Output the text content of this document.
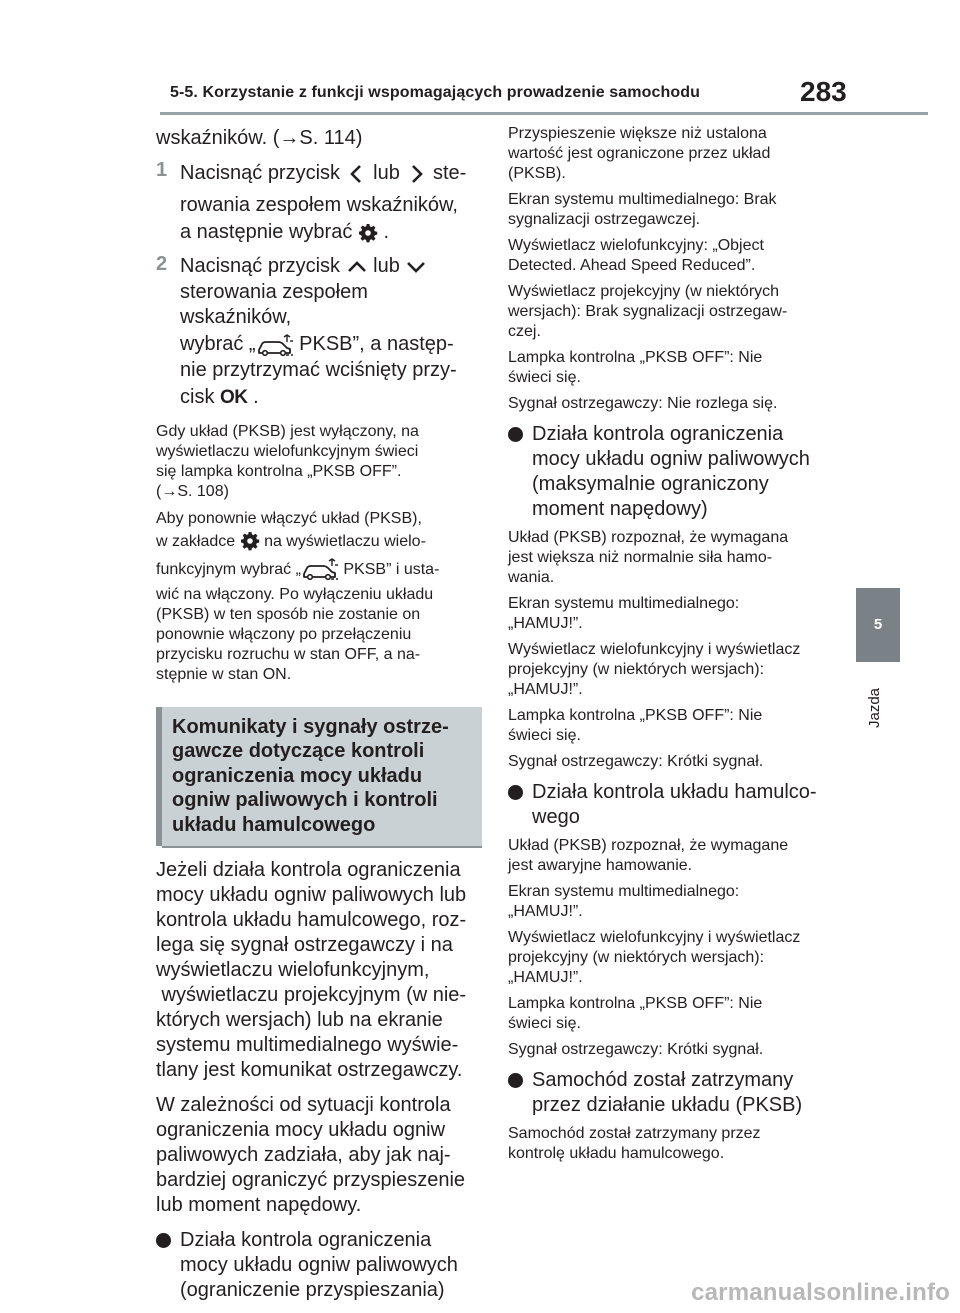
5-5. Korzystanie z funkcji wspomagających prowadzenie samochodu	283

wskaźników. (→S. 114)

1 Nacisnąć przycisk lub ste-
rowania zespołem wskaźników,
a następnie wybrać .
2 Nacisnąć przycisk lub
sterowania zespołem wskaźników,
wybrać „ PKSB”, a następ-
nie przytrzymać wciśnięty przy-
cisk OK .
Gdy układ (PKSB) jest wyłączony, na
wyświetlaczu wielofunkcyjnym świeci
się lampka kontrolna „PKSB OFF”.
(→S. 108)
Aby ponownie włączyć układ (PKSB),
w zakładce na wyświetlaczu wielo-
funkcyjnym wybrać „	PKSB” i usta-
wić na włączony. Po wyłączeniu układu
(PKSB) w ten sposób nie zostanie on
ponownie włączony po przełączeniu
przycisku rozruchu w stan OFF, a na-
stępnie w stan ON.
Komunikaty i sygnały ostrze-
gawcze dotyczące kontroli
ograniczenia mocy układu
ogniw paliwowych i kontroli
układu hamulcowego
Jeżeli działa kontrola ograniczenia
mocy układu ogniw paliwowych lub
kontrola układu hamulcowego, roz-
lega się sygnał ostrzegawczy i na
wyświetlaczu wielofunkcyjnym,
wyświetlaczu projekcyjnym (w nie-
których wersjach) lub na ekranie
systemu multimedialnego wyświe-
tlany jest komunikat ostrzegawczy.
W zależności od sytuacji kontrola
ograniczenia mocy układu ogniw
paliwowych zadziała, aby jak naj-
bardziej ograniczyć przyspieszenie
lub moment napędowy.
Działa kontrola ograniczenia
mocy układu ogniw paliwowych
(ograniczenie przyspieszania)
Przyspieszenie większe niż ustalona
wartość jest ograniczone przez układ
(PKSB).
Ekran systemu multimedialnego: Brak
sygnalizacji ostrzegawczej.
Wyświetlacz wielofunkcyjny: „Object
Detected. Ahead Speed Reduced”.
Wyświetlacz projekcyjny (w niektórych
wersjach): Brak sygnalizacji ostrzegaw-
czej.
Lampka kontrolna „PKSB OFF”: Nie
świeci się.
Sygnał ostrzegawczy: Nie rozlega się.
Działa kontrola ograniczenia
mocy układu ogniw paliwowych
(maksymalnie ograniczony
moment napędowy)
Układ (PKSB) rozpoznał, że wymagana
jest większa niż normalnie siła hamo-
wania.
Ekran systemu multimedialnego:
„HAMUJ!”.
Wyświetlacz wielofunkcyjny i wyświetlacz
projekcyjny (w niektórych wersjach):
„HAMUJ!”.
Lampka kontrolna „PKSB OFF”: Nie
świeci się.
Sygnał ostrzegawczy: Krótki sygnał.
Działa kontrola układu hamulco-
wego
Układ (PKSB) rozpoznał, że wymagane
jest awaryjne hamowanie.
Ekran systemu multimedialnego:
„HAMUJ!”.
Wyświetlacz wielofunkcyjny i wyświetlacz
projekcyjny (w niektórych wersjach):
„HAMUJ!”.
Lampka kontrolna „PKSB OFF”: Nie
świeci się.
Sygnał ostrzegawczy: Krótki sygnał.
Samochód został zatrzymany
przez działanie układu (PKSB)
Samochód został zatrzymany przez
kontrolę układu hamulcowego.
5
Jazda
carmanualsonline.info
